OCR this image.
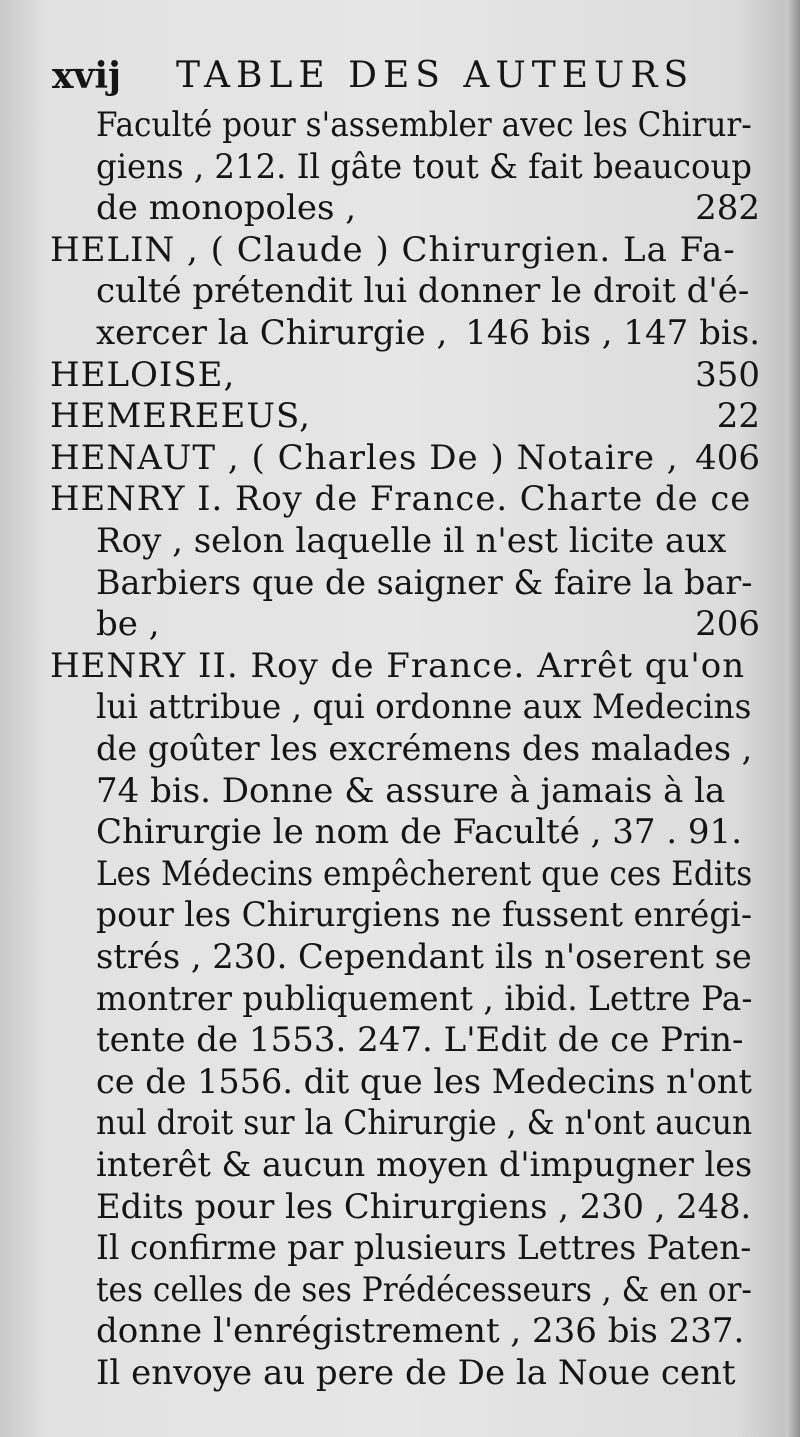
xvij TABLE DES AUTEURS
Faculté pour s'assembler avec les Chirur-
giens , 212. Il gâte tout & fait beaucoup
de monopoles ,	282
HELIN , ( Claude ) Chirurgien. La Fa-
culté prétendit lui donner le droit d'é-
xercer la Chirurgie , 146 bis , 147 bis.
HELOISE,	350
HEMEREEUS,	22
HENAUT , ( Charles De ) Notaire , 406
HENRY I. Roy de France. Charte de ce
Roy , selon laquelle il n'est licite aux
Barbiers que de saigner & faire la bar-
be ,	206
HENRY II. Roy de France. Arrêt qu'on
lui attribue , qui ordonne aux Medecins
de goûter les excrémens des malades ,
74 bis. Donne & assure à jamais à la
Chirurgie le nom de Faculté , 37 . 91.
Les Médecins empêcherent que ces Edits
pour les Chirurgiens ne fussent enrégi-
strés , 230. Cependant ils n'oserent se
montrer publiquement , ibid. Lettre Pa-
tente de 1553. 247. L'Edit de ce Prin-
ce de 1556. dit que les Medecins n'ont
nul droit sur la Chirurgie , & n'ont aucun
interêt & aucun moyen d'impugner les
Edits pour les Chirurgiens , 230 , 248.
Il confirme par plusieurs Lettres Paten-
tes celles de ses Prédécesseurs , & en or-
donne l'enrégistrement , 236 bis 237.
Il envoye au pere de De la Noue cent
